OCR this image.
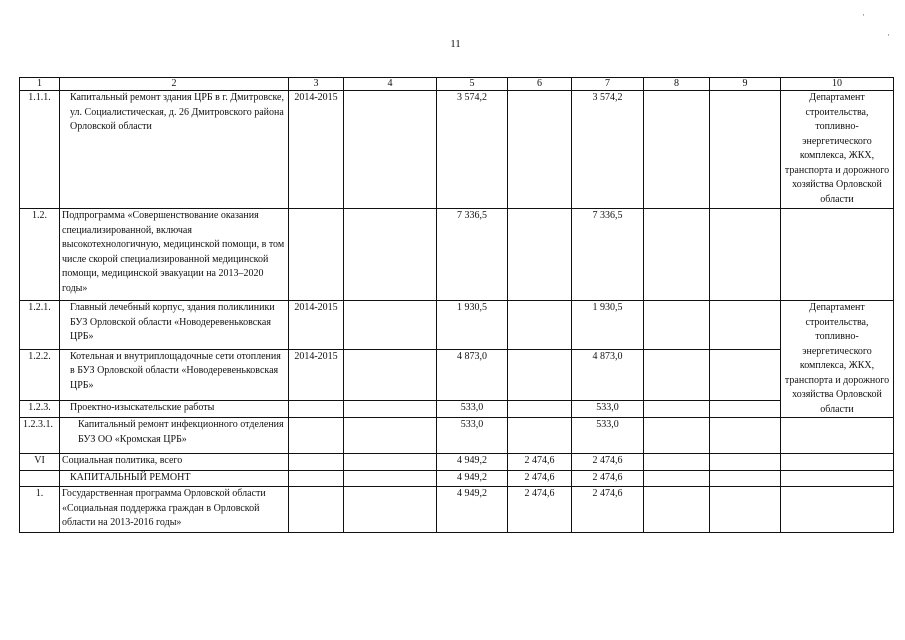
11
·
·
1	2	3	4	5	6	7	8	9	10
1.1.1.	Капитальный ремонт здания ЦРБ в г. Дмитровске, ул. Социалистическая, д. 26 Дмитровского района Орловской области	2014-2015		3 574,2		3 574,2			Департамент строительства, топливно-энергетического комплекса, ЖКХ, транспорта и дорожного хозяйства Орловской области
1.2.	Подпрограмма «Совершенствование оказания специализированной, включая высокотехнологичную, медицинской помощи, в том числе скорой специализированной медицинской помощи, медицинской эвакуации на 2013–2020 годы»			7 336,5		7 336,5			
1.2.1.	Главный лечебный корпус, здания поликлиники БУЗ Орловской области «Новодеревеньковская ЦРБ»	2014-2015		1 930,5		1 930,5			Департамент строительства, топливно-энергетического комплекса, ЖКХ, транспорта и дорожного хозяйства Орловской области
1.2.2.	Котельная и внутриплощадочные сети отопления в БУЗ Орловской области «Новодеревеньковская ЦРБ»	2014-2015		4 873,0		4 873,0			
1.2.3.	Проектно-изыскательские работы			533,0		533,0			
1.2.3.1.	Капитальный ремонт инфекционного отделения БУЗ ОО «Кромская ЦРБ»			533,0		533,0			
VI	Социальная политика, всего			4 949,2	2 474,6	2 474,6			
	КАПИТАЛЬНЫЙ РЕМОНТ			4 949,2	2 474,6	2 474,6			
1.	Государственная программа Орловской области «Социальная поддержка граждан в Орловской области на 2013-2016 годы»			4 949,2	2 474,6	2 474,6			
